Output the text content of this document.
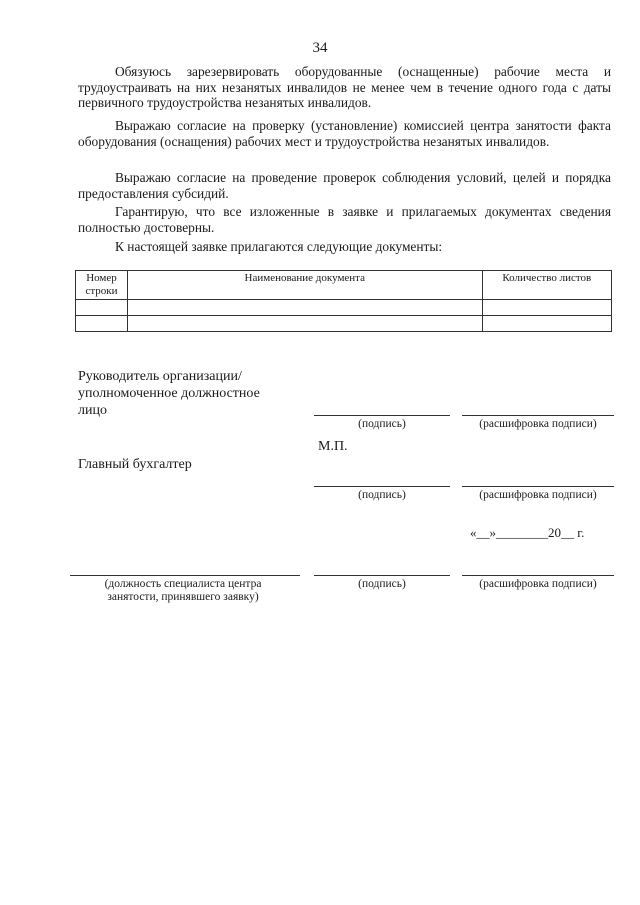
34
Обязуюсь зарезервировать оборудованные (оснащенные) рабочие места и трудоустраивать на них незанятых инвалидов не менее чем в течение одного года с даты первичного трудоустройства незанятых инвалидов.
Выражаю согласие на проверку (установление) комиссией центра занятости факта оборудования (оснащения) рабочих мест и трудоустройства незанятых инвалидов.
Выражаю согласие на проведение проверок соблюдения условий, целей и порядка предоставления субсидий.
Гарантирую, что все изложенные в заявке и прилагаемых документах сведения полностью достоверны.
К настоящей заявке прилагаются следующие документы:
Номер строки	Наименование документа	Количество листов

Руководитель организации/ уполномоченное должностное лицо
(подпись)	(расшифровка подписи)
М.П.
Главный бухгалтер
(подпись)	(расшифровка подписи)
«__»________20__ г.
(должность специалиста центра занятости, принявшего заявку)
(подпись)	(расшифровка подписи)
